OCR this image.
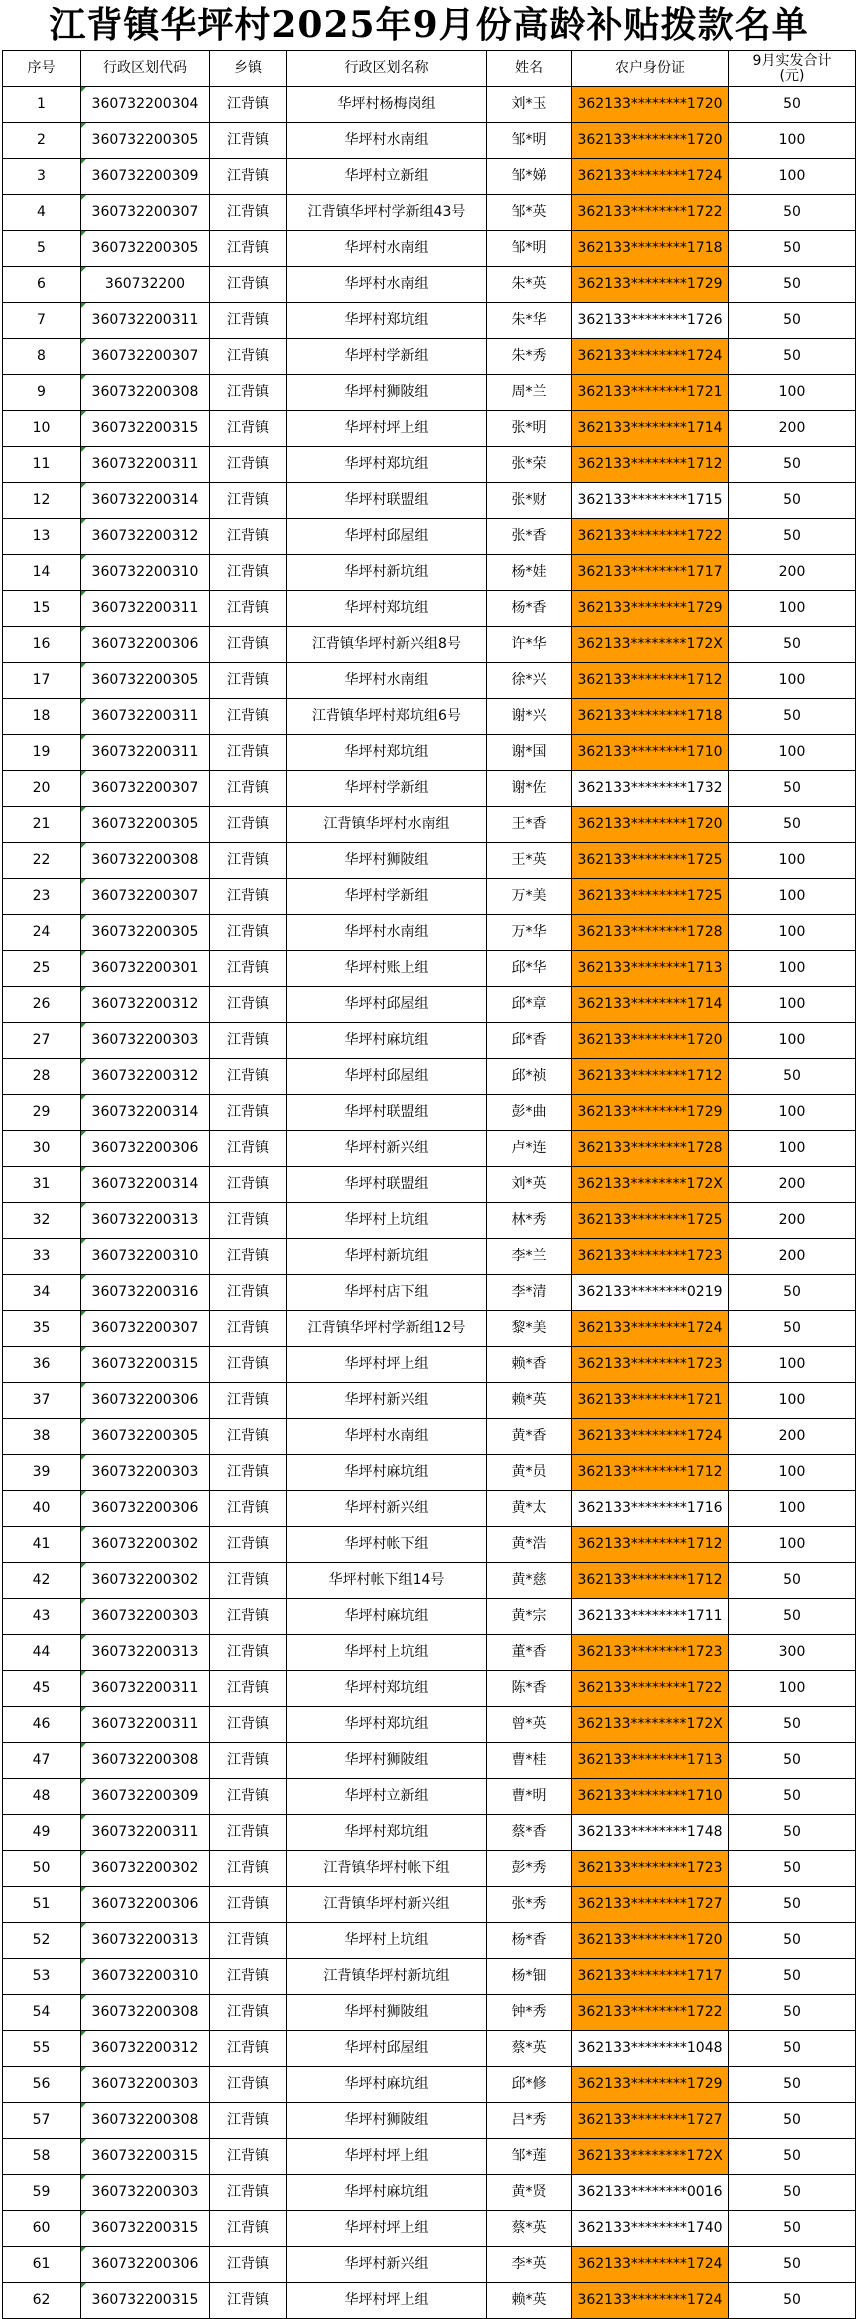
江背镇华坪村2025年9月份高龄补贴拨款名单
序号	行政区划代码	乡镇	行政区划名称	姓名	农户身份证	9月实发合计
(元)
1	360732200304	江背镇	华坪村杨梅岗组	刘*玉	362133********1720	50
2	360732200305	江背镇	华坪村水南组	邹*明	362133********1720	100
3	360732200309	江背镇	华坪村立新组	邹*娣	362133********1724	100
4	360732200307	江背镇	江背镇华坪村学新组43号	邹*英	362133********1722	50
5	360732200305	江背镇	华坪村水南组	邹*明	362133********1718	50
6	360732200	江背镇	华坪村水南组	朱*英	362133********1729	50
7	360732200311	江背镇	华坪村郑坑组	朱*华	362133********1726	50
8	360732200307	江背镇	华坪村学新组	朱*秀	362133********1724	50
9	360732200308	江背镇	华坪村狮陂组	周*兰	362133********1721	100
10	360732200315	江背镇	华坪村坪上组	张*明	362133********1714	200
11	360732200311	江背镇	华坪村郑坑组	张*荣	362133********1712	50
12	360732200314	江背镇	华坪村联盟组	张*财	362133********1715	50
13	360732200312	江背镇	华坪村邱屋组	张*香	362133********1722	50
14	360732200310	江背镇	华坪村新坑组	杨*娃	362133********1717	200
15	360732200311	江背镇	华坪村郑坑组	杨*香	362133********1729	100
16	360732200306	江背镇	江背镇华坪村新兴组8号	许*华	362133********172X	50
17	360732200305	江背镇	华坪村水南组	徐*兴	362133********1712	100
18	360732200311	江背镇	江背镇华坪村郑坑组6号	谢*兴	362133********1718	50
19	360732200311	江背镇	华坪村郑坑组	谢*国	362133********1710	100
20	360732200307	江背镇	华坪村学新组	谢*佐	362133********1732	50
21	360732200305	江背镇	江背镇华坪村水南组	王*香	362133********1720	50
22	360732200308	江背镇	华坪村狮陂组	王*英	362133********1725	100
23	360732200307	江背镇	华坪村学新组	万*美	362133********1725	100
24	360732200305	江背镇	华坪村水南组	万*华	362133********1728	100
25	360732200301	江背镇	华坪村账上组	邱*华	362133********1713	100
26	360732200312	江背镇	华坪村邱屋组	邱*章	362133********1714	100
27	360732200303	江背镇	华坪村麻坑组	邱*香	362133********1720	100
28	360732200312	江背镇	华坪村邱屋组	邱*祯	362133********1712	50
29	360732200314	江背镇	华坪村联盟组	彭*曲	362133********1729	100
30	360732200306	江背镇	华坪村新兴组	卢*连	362133********1728	100
31	360732200314	江背镇	华坪村联盟组	刘*英	362133********172X	200
32	360732200313	江背镇	华坪村上坑组	林*秀	362133********1725	200
33	360732200310	江背镇	华坪村新坑组	李*兰	362133********1723	200
34	360732200316	江背镇	华坪村店下组	李*清	362133********0219	50
35	360732200307	江背镇	江背镇华坪村学新组12号	黎*美	362133********1724	50
36	360732200315	江背镇	华坪村坪上组	赖*香	362133********1723	100
37	360732200306	江背镇	华坪村新兴组	赖*英	362133********1721	100
38	360732200305	江背镇	华坪村水南组	黄*香	362133********1724	200
39	360732200303	江背镇	华坪村麻坑组	黄*员	362133********1712	100
40	360732200306	江背镇	华坪村新兴组	黄*太	362133********1716	100
41	360732200302	江背镇	华坪村帐下组	黄*浩	362133********1712	100
42	360732200302	江背镇	华坪村帐下组14号	黄*慈	362133********1712	50
43	360732200303	江背镇	华坪村麻坑组	黄*宗	362133********1711	50
44	360732200313	江背镇	华坪村上坑组	董*香	362133********1723	300
45	360732200311	江背镇	华坪村郑坑组	陈*香	362133********1722	100
46	360732200311	江背镇	华坪村郑坑组	曾*英	362133********172X	50
47	360732200308	江背镇	华坪村狮陂组	曹*桂	362133********1713	50
48	360732200309	江背镇	华坪村立新组	曹*明	362133********1710	50
49	360732200311	江背镇	华坪村郑坑组	蔡*香	362133********1748	50
50	360732200302	江背镇	江背镇华坪村帐下组	彭*秀	362133********1723	50
51	360732200306	江背镇	江背镇华坪村新兴组	张*秀	362133********1727	50
52	360732200313	江背镇	华坪村上坑组	杨*香	362133********1720	50
53	360732200310	江背镇	江背镇华坪村新坑组	杨*钿	362133********1717	50
54	360732200308	江背镇	华坪村狮陂组	钟*秀	362133********1722	50
55	360732200312	江背镇	华坪村邱屋组	蔡*英	362133********1048	50
56	360732200303	江背镇	华坪村麻坑组	邱*修	362133********1729	50
57	360732200308	江背镇	华坪村狮陂组	吕*秀	362133********1727	50
58	360732200315	江背镇	华坪村坪上组	邹*莲	362133********172X	50
59	360732200303	江背镇	华坪村麻坑组	黄*贤	362133********0016	50
60	360732200315	江背镇	华坪村坪上组	蔡*英	362133********1740	50
61	360732200306	江背镇	华坪村新兴组	李*英	362133********1724	50
62	360732200315	江背镇	华坪村坪上组	赖*英	362133********1724	50
